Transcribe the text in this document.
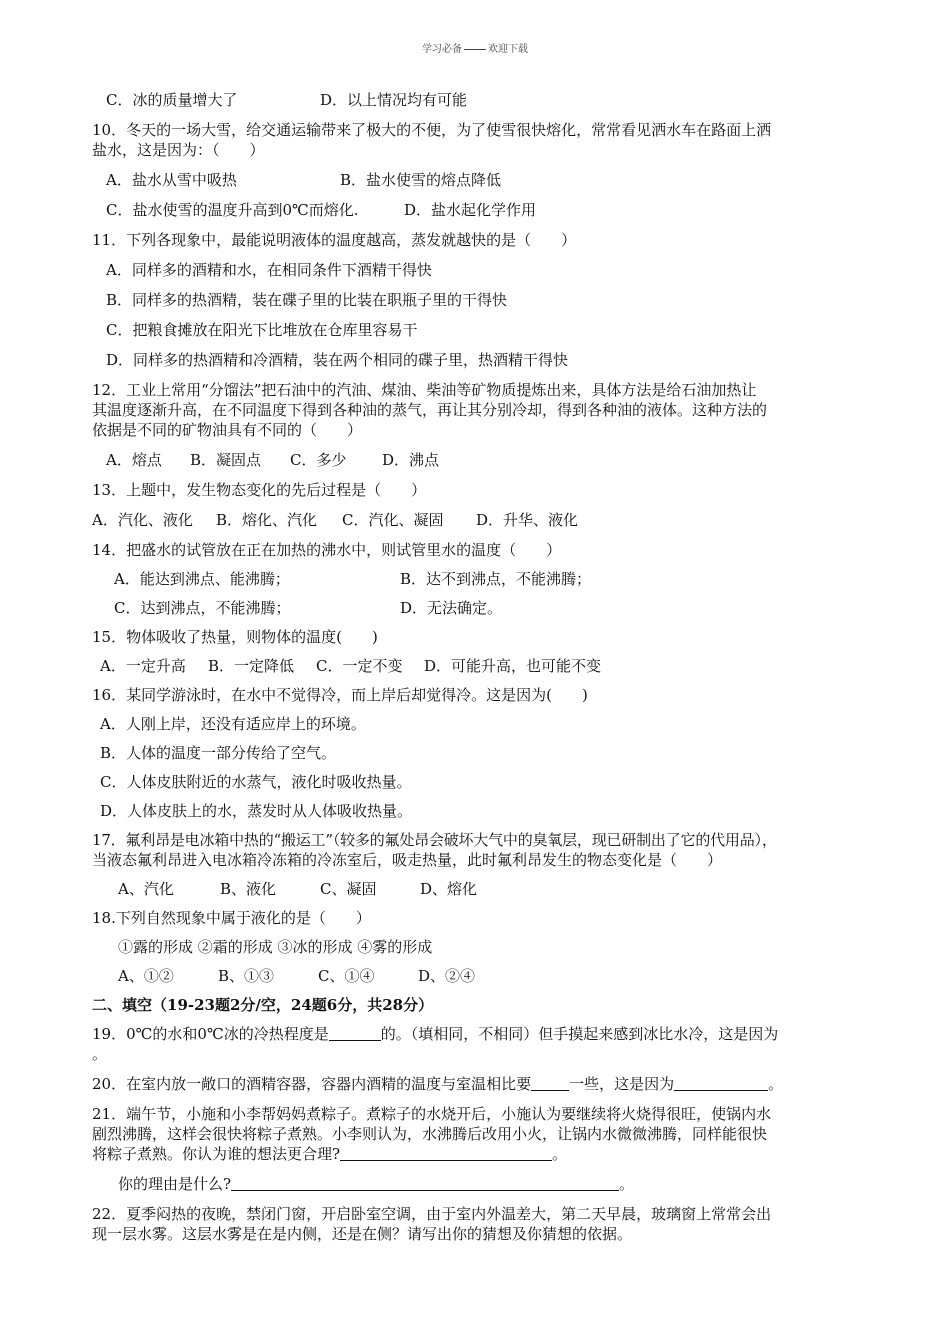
学习必备	欢迎下载
C．冰的质量增大了	D．以上情况均有可能
10．冬天的一场大雪，给交通运输带来了极大的不便，为了使雪很快熔化，常常看见洒水车在路面上洒
盐水，这是因为：（　　）
A．盐水从雪中吸热	B．盐水使雪的熔点降低
C．盐水使雪的温度升高到0℃而熔化.	D．盐水起化学作用
11．下列各现象中，最能说明液体的温度越高，蒸发就越快的是（　　）
A．同样多的酒精和水，在相同条件下酒精干得快
B．同样多的热酒精，装在碟子里的比装在职瓶子里的干得快
C．把粮食摊放在阳光下比堆放在仓库里容易干
D．同样多的热酒精和冷酒精，装在两个相同的碟子里，热酒精干得快
12．工业上常用“分馏法”把石油中的汽油、煤油、柴油等矿物质提炼出来，具体方法是给石油加热让
其温度逐渐升高，在不同温度下得到各种油的蒸气，再让其分别冷却，得到各种油的液体。这种方法的
依据是不同的矿物油具有不同的（　　）
A．熔点	B．凝固点	C．多少	D．沸点
13．上题中，发生物态变化的先后过程是（　　）
A．汽化、液化	B．熔化、汽化	C．汽化、凝固	D．升华、液化
14．把盛水的试管放在正在加热的沸水中，则试管里水的温度（　　）
A．能达到沸点、能沸腾；	B．达不到沸点，不能沸腾；
C．达到沸点，不能沸腾；	D．无法确定。
15．物体吸收了热量，则物体的温度(　　)
A．一定升高	B．一定降低	C．一定不变	D．可能升高，也可能不变
16．某同学游泳时，在水中不觉得冷，而上岸后却觉得冷。这是因为(　　)
A．人刚上岸，还没有适应岸上的环境。
B．人体的温度一部分传给了空气。
C．人体皮肤附近的水蒸气，液化时吸收热量。
D．人体皮肤上的水，蒸发时从人体吸收热量。
17．氟利昂是电冰箱中热的“搬运工”（较多的氟处昂会破坏大气中的臭氧层，现已研制出了它的代用品），
当液态氟利昂进入电冰箱冷冻箱的冷冻室后，吸走热量，此时氟利昂发生的物态变化是（　　）
A、汽化	B、液化	C、凝固	D、熔化
18.下列自然现象中属于液化的是（　　）
①露的形成 ②霜的形成 ③冰的形成 ④雾的形成
A、①②	B、①③	C、①④	D、②④
二、填空（19-23题2分/空，24题6分，共28分）
19．0℃的水和0℃冰的冷热程度是	的。（填相同，不相同）但手摸起来感到冰比水冷，这是因为
。
20．在室内放一敞口的酒精容器，容器内酒精的温度与室温相比要	一些，这是因为	。
21．端午节，小施和小李帮妈妈煮粽子。煮粽子的水烧开后，小施认为要继续将火烧得很旺，使锅内水
剧烈沸腾，这样会很快将粽子煮熟。小李则认为，水沸腾后改用小火，让锅内水微微沸腾，同样能很快
将粽子煮熟。你认为谁的想法更合理?	。
你的理由是什么?	。
22．夏季闷热的夜晚，禁闭门窗，开启卧室空调，由于室内外温差大，第二天早晨，玻璃窗上常常会出
现一层水雾。这层水雾是在是内侧，还是在侧？请写出你的猜想及你猜想的依据。
